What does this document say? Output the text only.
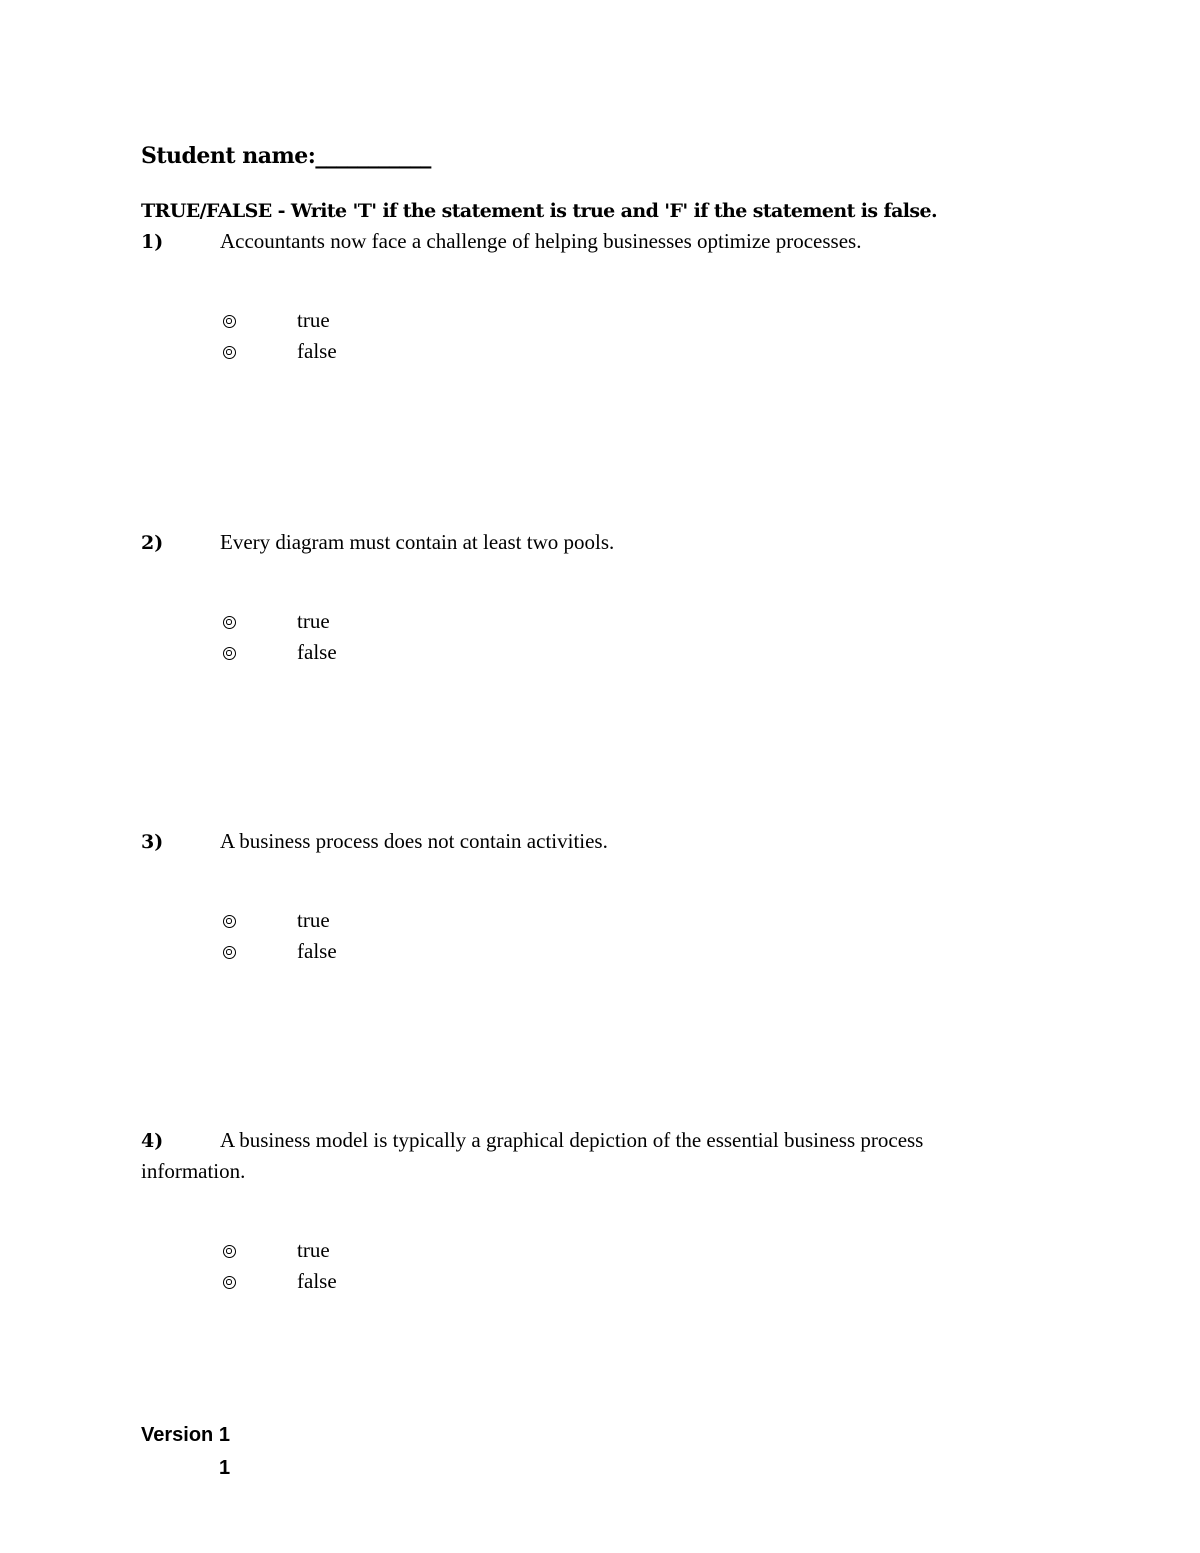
Student name:___________
TRUE/FALSE - Write 'T' if the statement is true and 'F' if the statement is false.
1)	Accountants now face a challenge of helping businesses optimize processes.
true
false
2)	Every diagram must contain at least two pools.
true
false
3)	A business process does not contain activities.
true
false
4)	A business model is typically a graphical depiction of the essential business process
information.
true
false
Version 1
1
